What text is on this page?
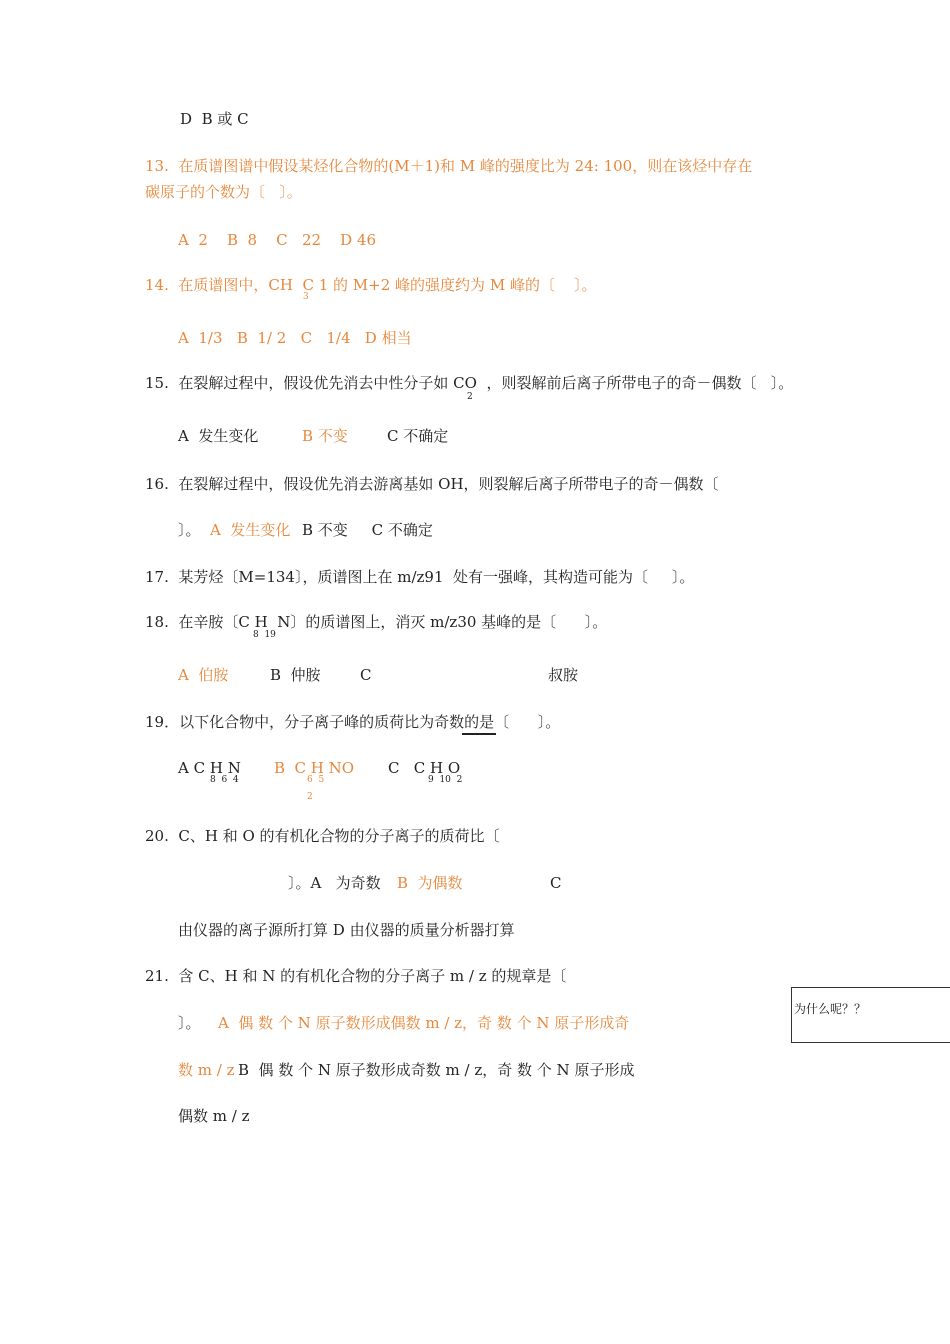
D  B 或 C
13.  在质谱图谱中假设某烃化合物的(M＋1)和 M 峰的强度比为 24: 100，则在该烃中存在
碳原子的个数为〔   〕。
A  2    B  8    C   22    D 46
14.  在质谱图中，CH  C 1 的 M+2 峰的强度约为 M 峰的〔    〕。
3
A  1/3   B  1/ 2   C   1/4   D 相当
15.  在裂解过程中，假设优先消去中性分子如 CO  ，则裂解前后离子所带电子的奇－偶数〔   〕。
2
A  发生变化	B 不变	C 不确定
16.  在裂解过程中，假设优先消去游离基如 OH，则裂解后离子所带电子的奇－偶数〔
〕。 A  发生变化 B 不变     C 不确定
17.  某芳烃〔M=134〕，质谱图上在 m/z91  处有一强峰，其构造可能为〔     〕。
18.  在辛胺〔C H  N〕的质谱图上，消灭 m/z30 基峰的是〔      〕。
8  19
A  伯胺	B  仲胺	C	叔胺
19．以下化合物中，分子离子峰的质荷比为奇数的是〔      〕。
A C H N
8  6  4
B  C H NO
6  5
2
C   C H O
9  10  2
20.  C、H 和 O 的有机化合物的分子离子的质荷比〔
〕。A   为奇数 B  为偶数	C
由仪器的离子源所打算 D 由仪器的质量分析器打算
21.  含 C、H 和 N 的有机化合物的分子离子 m / z 的规章是〔
〕。 A  偶 数 个 N 原子数形成偶数 m / z，奇 数 个 N 原子形成奇
数 m / z B  偶 数 个 N 原子数形成奇数 m / z，奇 数 个 N 原子形成
偶数 m / z
为什么呢？？
